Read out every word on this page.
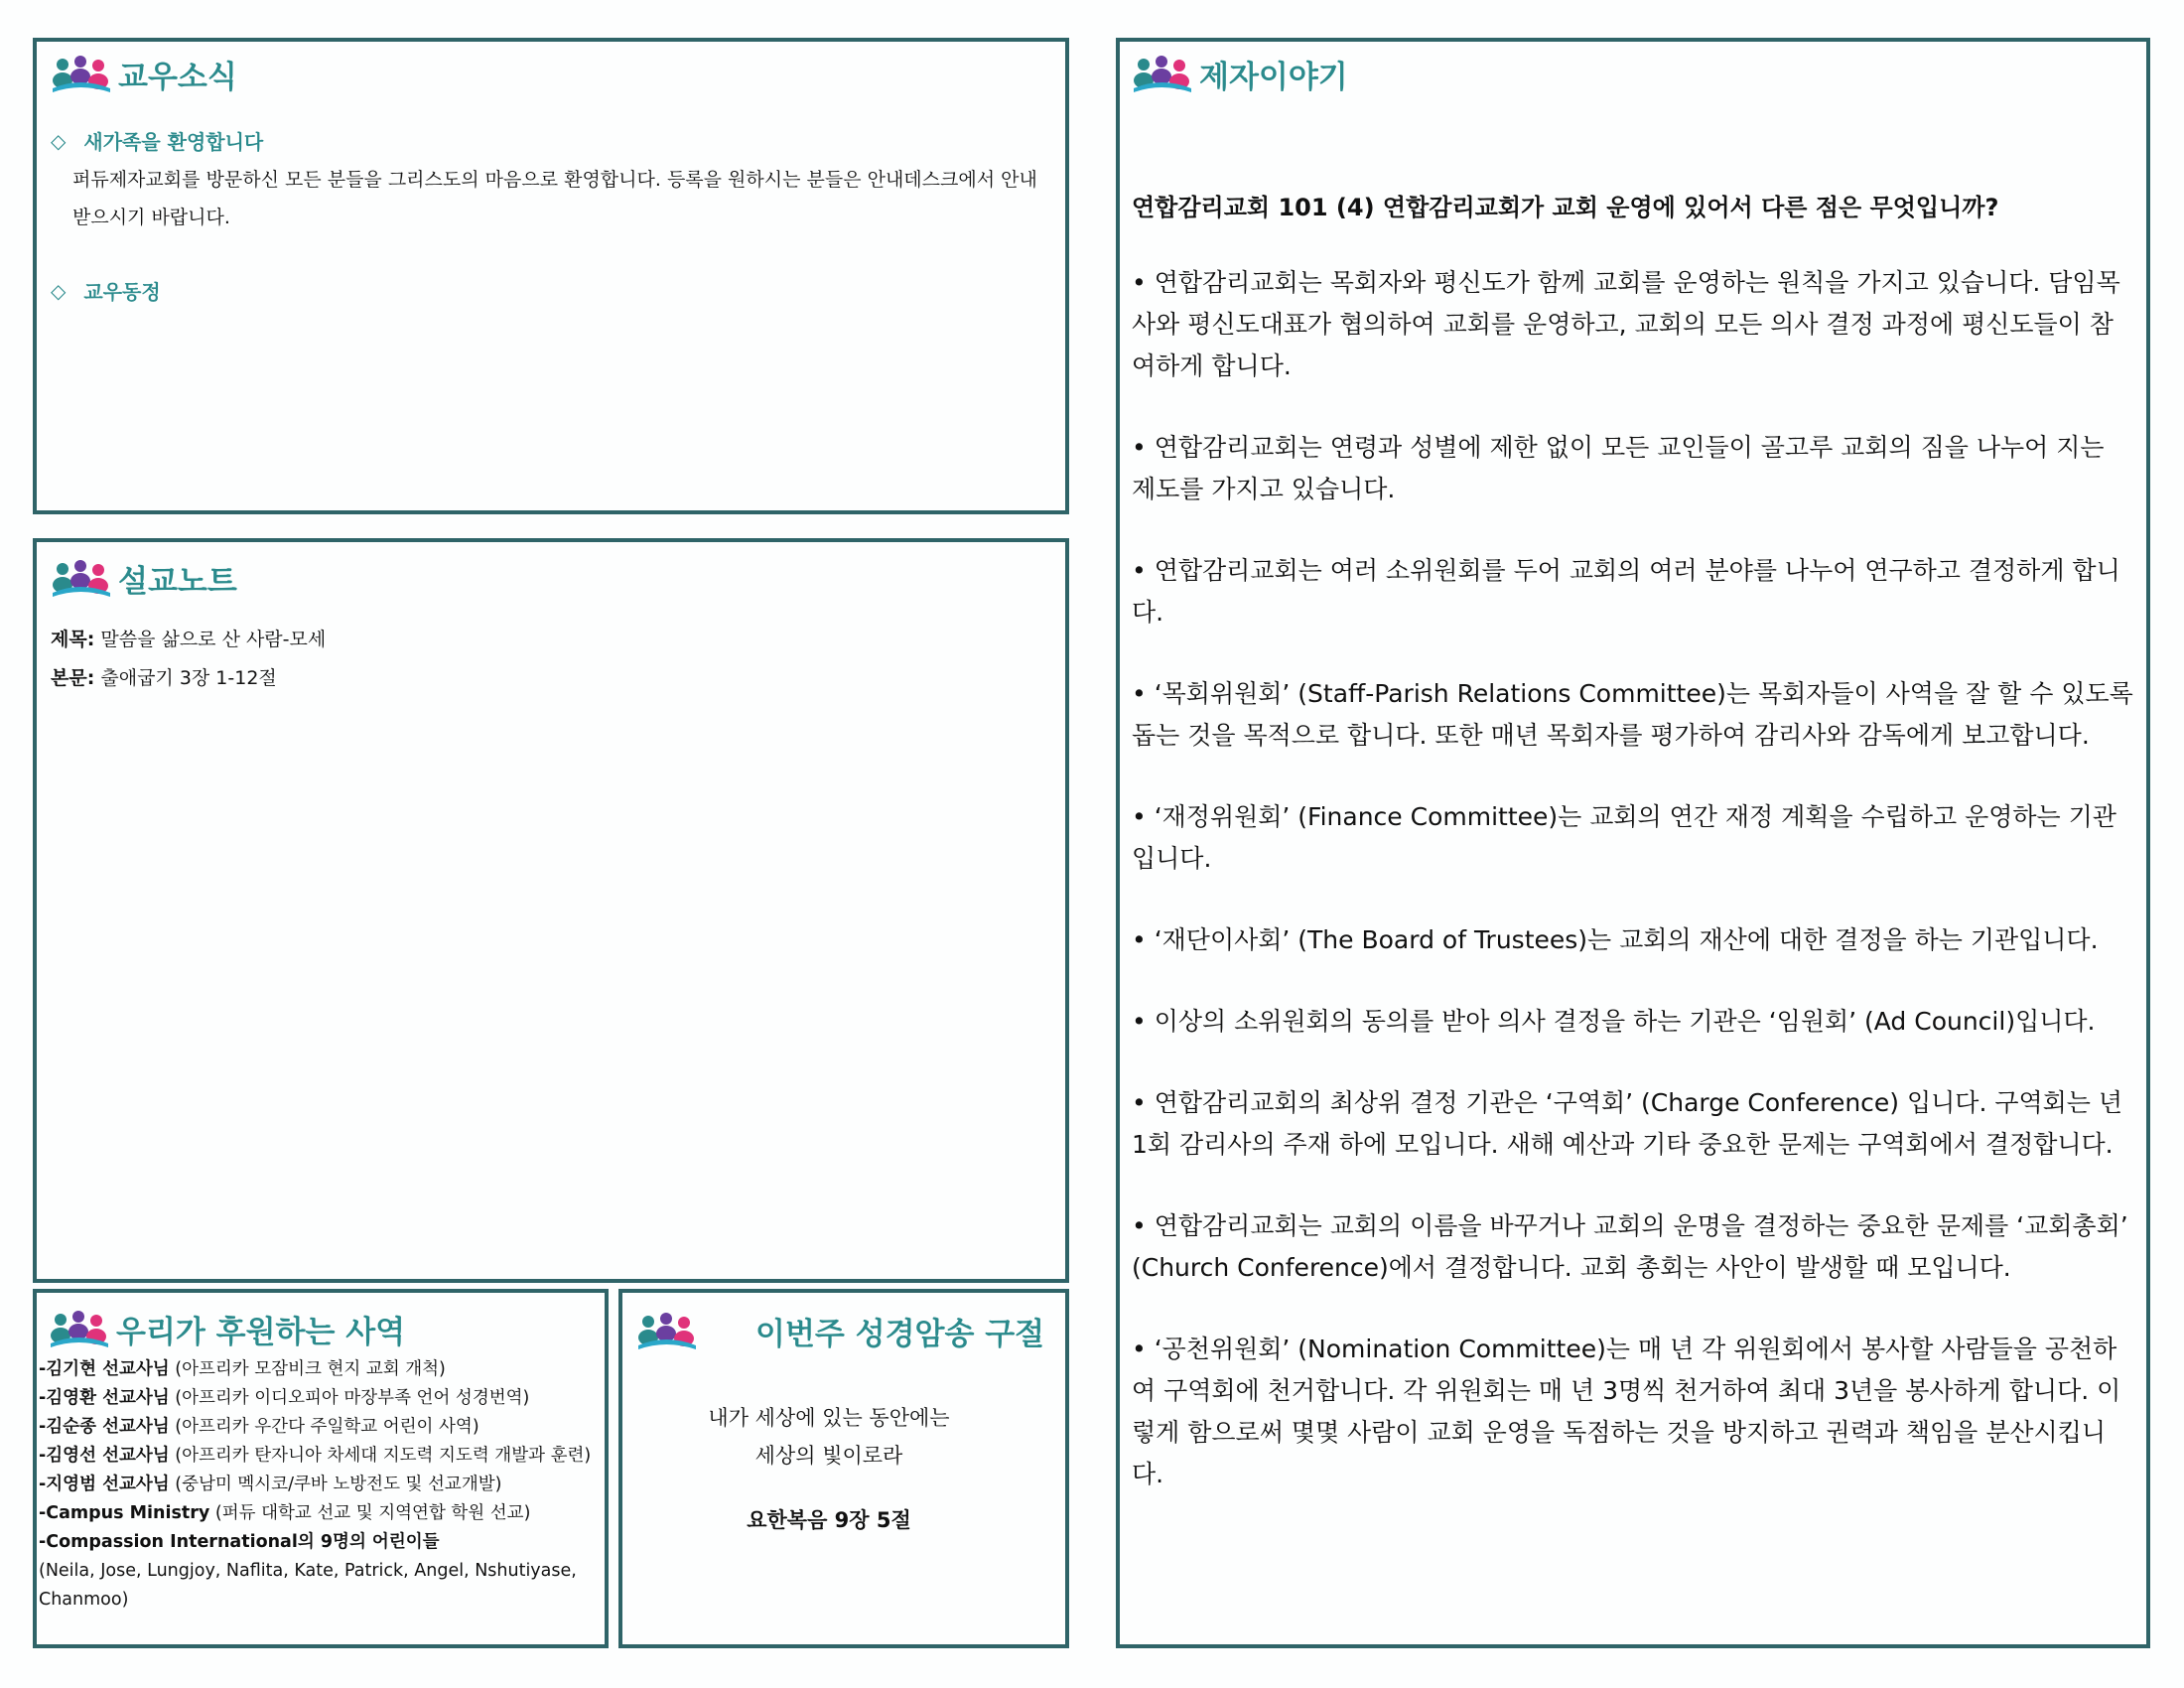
교우소식
◇ 새가족을 환영합니다
퍼듀제자교회를 방문하신 모든 분들을 그리스도의 마음으로 환영합니다. 등록을 원하시는 분들은 안내데스크에서 안내받으시기 바랍니다.
◇ 교우동정
설교노트
제목: 말씀을 삶으로 산 사람-모세
본문: 출애굽기 3장 1-12절
우리가 후원하는 사역
-김기현 선교사님 (아프리카 모잠비크 현지 교회 개척)
-김영환 선교사님 (아프리카 이디오피아 마장부족 언어 성경번역)
-김순종 선교사님 (아프리카 우간다 주일학교 어린이 사역)
-김영선 선교사님 (아프리카 탄자니아 차세대 지도력 지도력 개발과 훈련)
-지영범 선교사님 (중남미 멕시코/쿠바 노방전도 및 선교개발)
-Campus Ministry (퍼듀 대학교 선교 및 지역연합 학원 선교)
-Compassion International의 9명의 어린이들
(Neila, Jose, Lungjoy, Naflita, Kate, Patrick, Angel, Nshutiyase, Chanmoo)
이번주 성경암송 구절
내가 세상에 있는 동안에는
세상의 빛이로라
요한복음 9장 5절
제자이야기
연합감리교회 101 (4) 연합감리교회가 교회 운영에 있어서 다른 점은 무엇입니까?
• 연합감리교회는 목회자와 평신도가 함께 교회를 운영하는 원칙을 가지고 있습니다. 담임목사와 평신도대표가 협의하여 교회를 운영하고, 교회의 모든 의사 결정 과정에 평신도들이 참여하게 합니다.
• 연합감리교회는 연령과 성별에 제한 없이 모든 교인들이 골고루 교회의 짐을 나누어 지는 제도를 가지고 있습니다.
• 연합감리교회는 여러 소위원회를 두어 교회의 여러 분야를 나누어 연구하고 결정하게 합니다.
• ‘목회위원회’ (Staff-Parish Relations Committee)는 목회자들이 사역을 잘 할 수 있도록 돕는 것을 목적으로 합니다. 또한 매년 목회자를 평가하여 감리사와 감독에게 보고합니다.
• ‘재정위원회’ (Finance Committee)는 교회의 연간 재정 계획을 수립하고 운영하는 기관입니다.
• ‘재단이사회’ (The Board of Trustees)는 교회의 재산에 대한 결정을 하는 기관입니다.
• 이상의 소위원회의 동의를 받아 의사 결정을 하는 기관은 ‘임원회’ (Ad Council)입니다.
• 연합감리교회의 최상위 결정 기관은 ‘구역회’ (Charge Conference) 입니다. 구역회는 년 1회 감리사의 주재 하에 모입니다. 새해 예산과 기타 중요한 문제는 구역회에서 결정합니다.
• 연합감리교회는 교회의 이름을 바꾸거나 교회의 운명을 결정하는 중요한 문제를 ‘교회총회’ (Church Conference)에서 결정합니다. 교회 총회는 사안이 발생할 때 모입니다.
• ‘공천위원회’ (Nomination Committee)는 매 년 각 위원회에서 봉사할 사람들을 공천하여 구역회에 천거합니다. 각 위원회는 매 년 3명씩 천거하여 최대 3년을 봉사하게 합니다. 이렇게 함으로써 몇몇 사람이 교회 운영을 독점하는 것을 방지하고 권력과 책임을 분산시킵니다.
